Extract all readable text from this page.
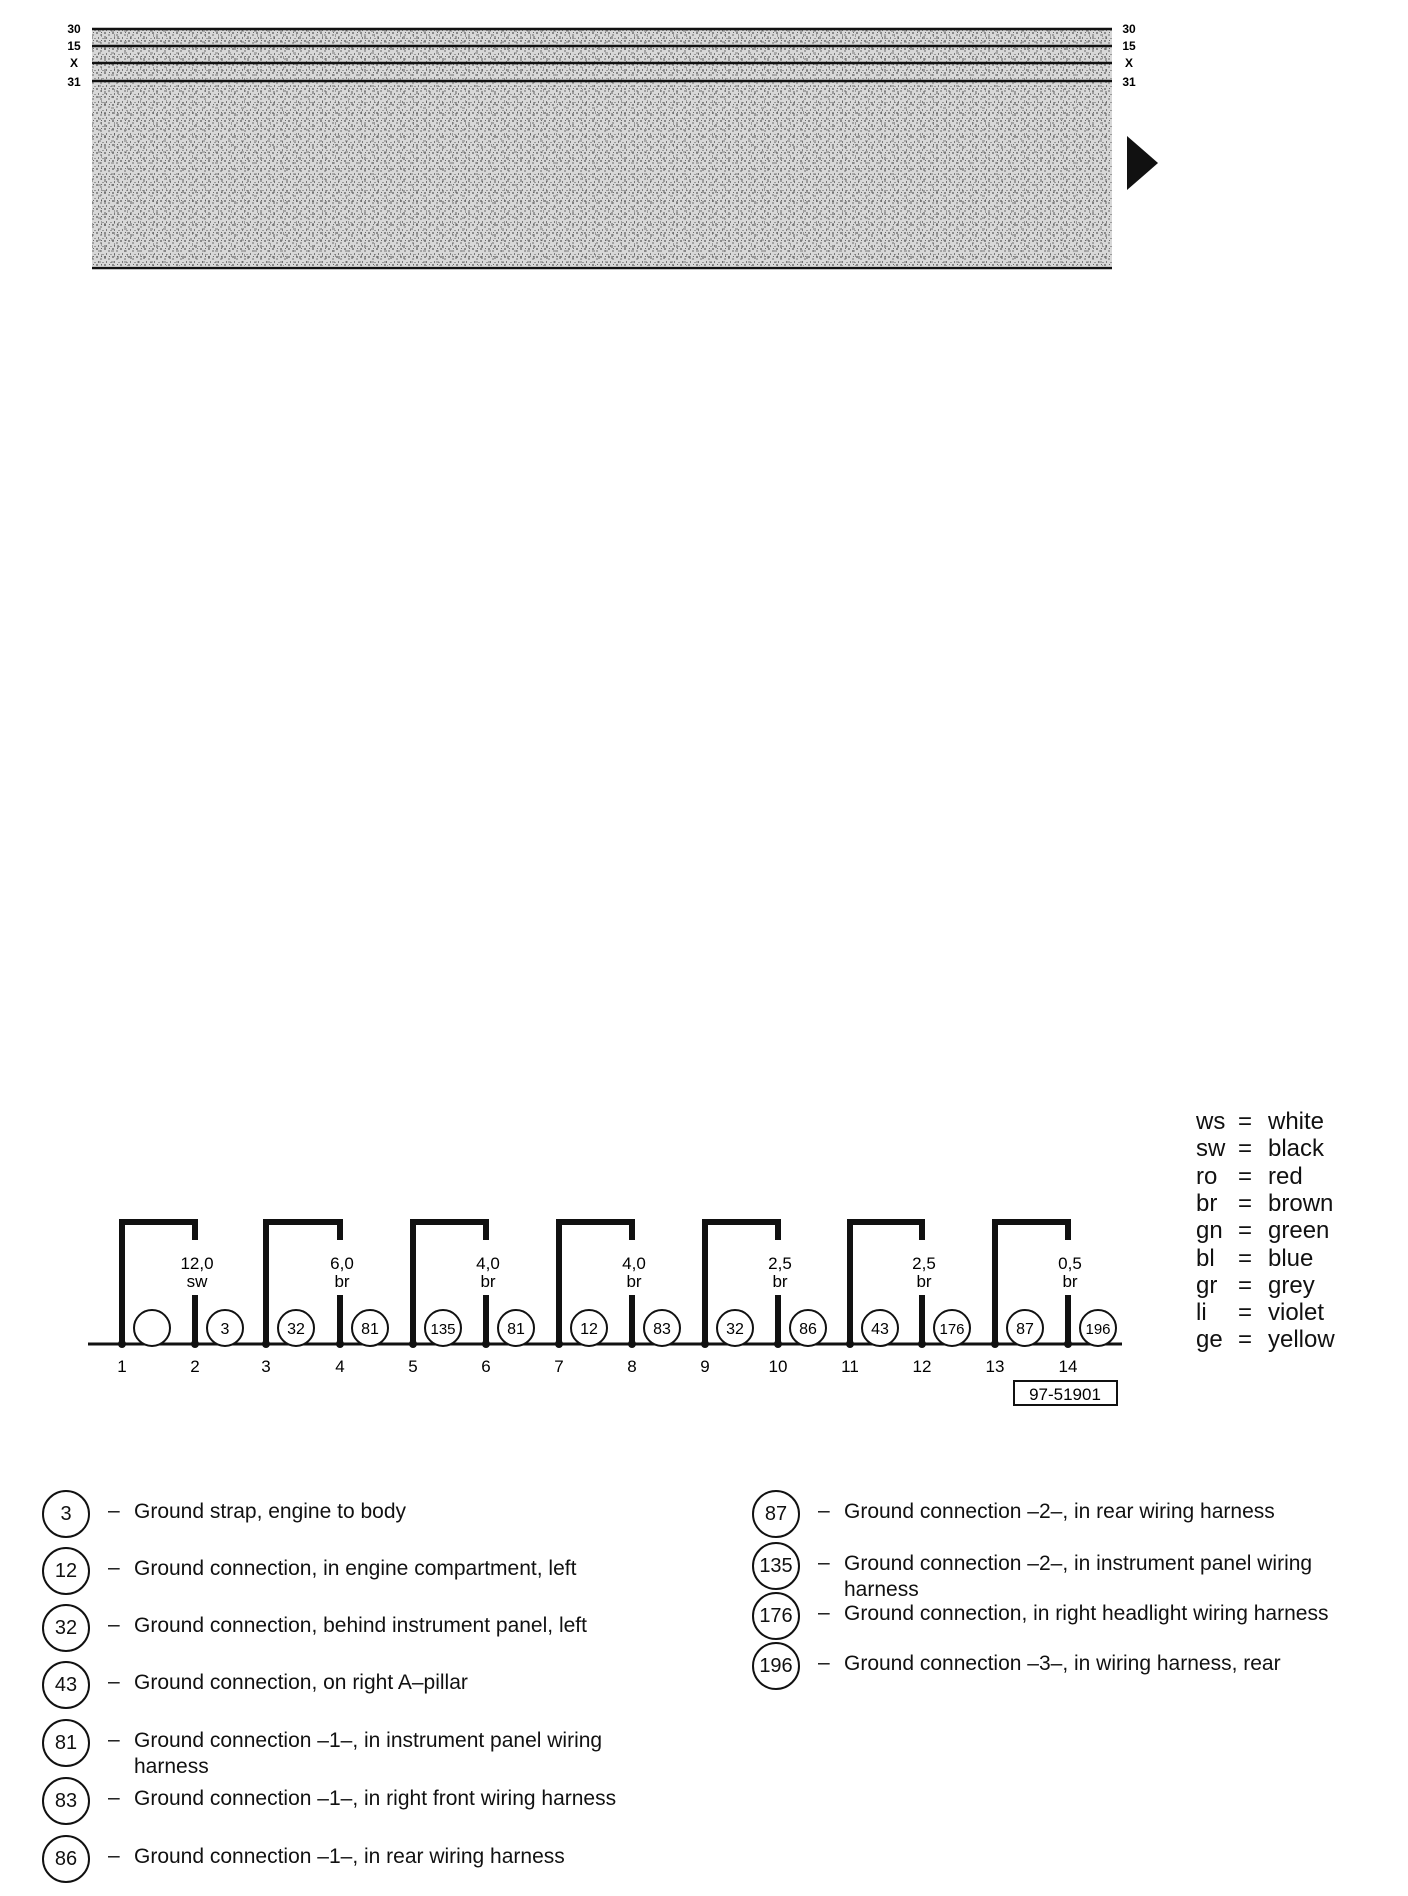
30
15
X
31
30
15
X
31
97-51901
1	2
3
12,0
sw
3
32
4
81
6,0
br
5
135
6
81
4,0
br
7
12
8
83
4,0
br
9
32
10
86
2,5
br
11
43
12
176
2,5
br
13
87
14
196
0,5
br
ws = white
sw = black
ro = red
br = brown
gn = green
bl = blue
gr = grey
li = violet
ge = yellow
3	– Ground strap, engine to body
12	– Ground connection, in engine compartment, left
32	– Ground connection, behind instrument panel, left
43	– Ground connection, on right A–pillar
81	– Ground connection –1–, in instrument panel wiring harness
83	– Ground connection –1–, in right front wiring harness
86	– Ground connection –1–, in rear wiring harness
87	– Ground connection –2–, in rear wiring harness
135	– Ground connection –2–, in instrument panel wiring harness
176	– Ground connection, in right headlight wiring harness
196	– Ground connection –3–, in wiring harness, rear
